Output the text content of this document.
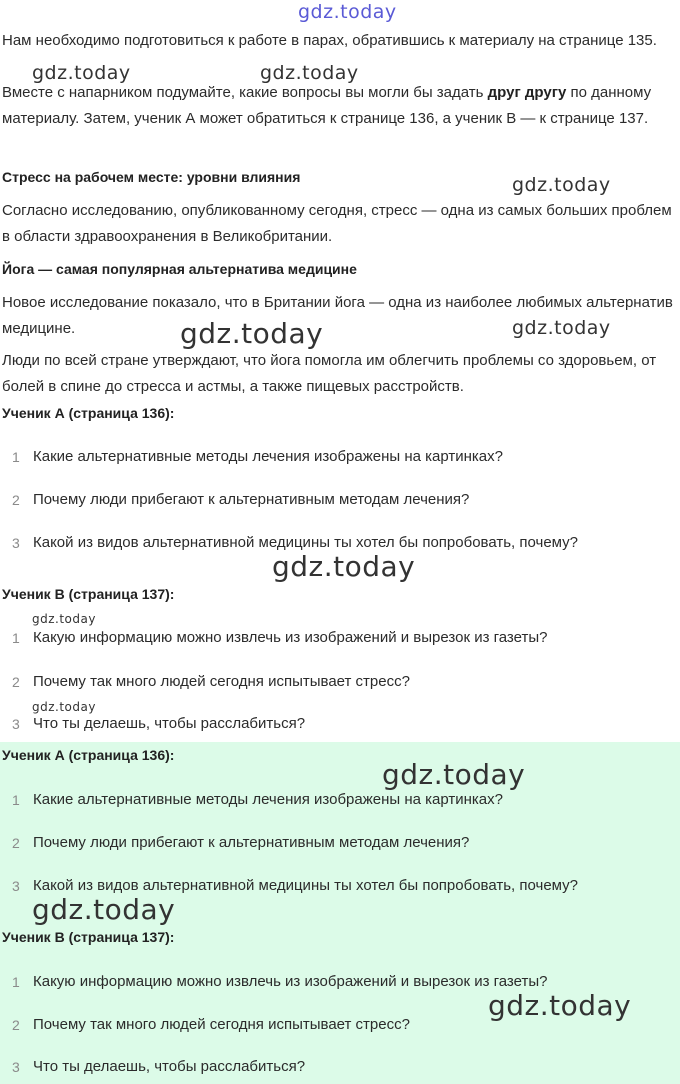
Нам необходимо подготовиться к работе в парах, обратившись к материалу на странице 135.

Вместе с напарником подумайте, какие вопросы вы могли бы задать друг другу по данному материалу. Затем, ученик А может обратиться к странице 136, а ученик В — к странице 137.

Стресс на рабочем месте: уровни влияния

Согласно исследованию, опубликованному сегодня, стресс — одна из самых больших проблем в области здравоохранения в Великобритании.

Йога — самая популярная альтернатива медицине

Новое исследование показало, что в Британии йога — одна из наиболее любимых альтернатив медицине.

Люди по всей стране утверждают, что йога помогла им облегчить проблемы со здоровьем, от болей в спине до стресса и астмы, а также пищевых расстройств.

Ученик А (страница 136):
1 Какие альтернативные методы лечения изображены на картинках?
2 Почему люди прибегают к альтернативным методам лечения?
3 Какой из видов альтернативной медицины ты хотел бы попробовать, почему?
Ученик В (страница 137):
1 Какую информацию можно извлечь из изображений и вырезок из газеты?
2 Почему так много людей сегодня испытывает стресс?
3 Что ты делаешь, чтобы расслабиться?
Ученик А (страница 136):
1 Какие альтернативные методы лечения изображены на картинках?
2 Почему люди прибегают к альтернативным методам лечения?
3 Какой из видов альтернативной медицины ты хотел бы попробовать, почему?
Ученик В (страница 137):
1 Какую информацию можно извлечь из изображений и вырезок из газеты?
2 Почему так много людей сегодня испытывает стресс?
3 Что ты делаешь, чтобы расслабиться?
gdz.today
gdz.today	gdz.today
gdz.today
gdz.today	gdz.today
gdz.today
gdz.today
gdz.today
gdz.today
gdz.today
gdz.today
